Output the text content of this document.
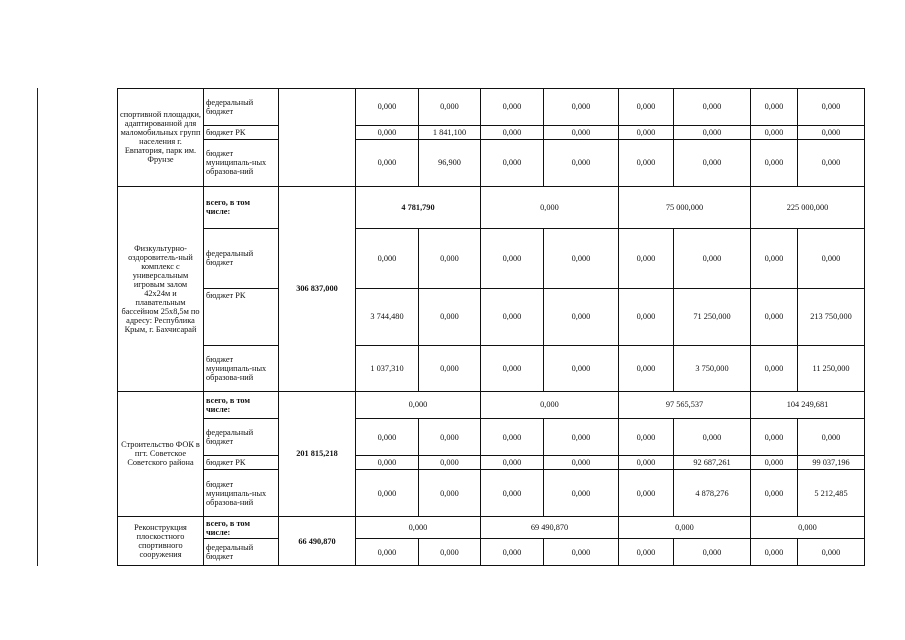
спортивной площадки, адаптированной для маломобильных групп населения г. Евпатория, парк им. Фрунзе	федеральный бюджет		0,000	0,000	0,000	0,000	0,000	0,000	0,000	0,000
	бюджет РК		0,000	1 841,100	0,000	0,000	0,000	0,000	0,000	0,000
	бюджет муниципаль-ных образова-ний		0,000	96,900	0,000	0,000	0,000	0,000	0,000	0,000
Физкультурно-оздоровитель-ный комплекс с универсальным игровым залом 42х24м и плавательным бассейном 25х8,5м по адресу: Республика Крым, г. Бахчисарай	всего, в том числе:	306 837,000	4 781,790		0,000		75 000,000		225 000,000	
	федеральный бюджет		0,000	0,000	0,000	0,000	0,000	0,000	0,000	0,000
	бюджет РК		3 744,480	0,000	0,000	0,000	0,000	71 250,000	0,000	213 750,000
	бюджет муниципаль-ных образова-ний		1 037,310	0,000	0,000	0,000	0,000	3 750,000	0,000	11 250,000
Строительство ФОК в пгт. Советское Советского района	всего, в том числе:	201 815,218	0,000		0,000		97 565,537		104 249,681	
	федеральный бюджет		0,000	0,000	0,000	0,000	0,000	0,000	0,000	0,000
	бюджет РК		0,000	0,000	0,000	0,000	0,000	92 687,261	0,000	99 037,196
	бюджет муниципаль-ных образова-ний		0,000	0,000	0,000	0,000	0,000	4 878,276	0,000	5 212,485
Реконструкция плоскостного спортивного сооружения	всего, в том числе:	66 490,870	0,000		69 490,870		0,000		0,000	
	федеральный бюджет		0,000	0,000	0,000	0,000	0,000	0,000	0,000	0,000
